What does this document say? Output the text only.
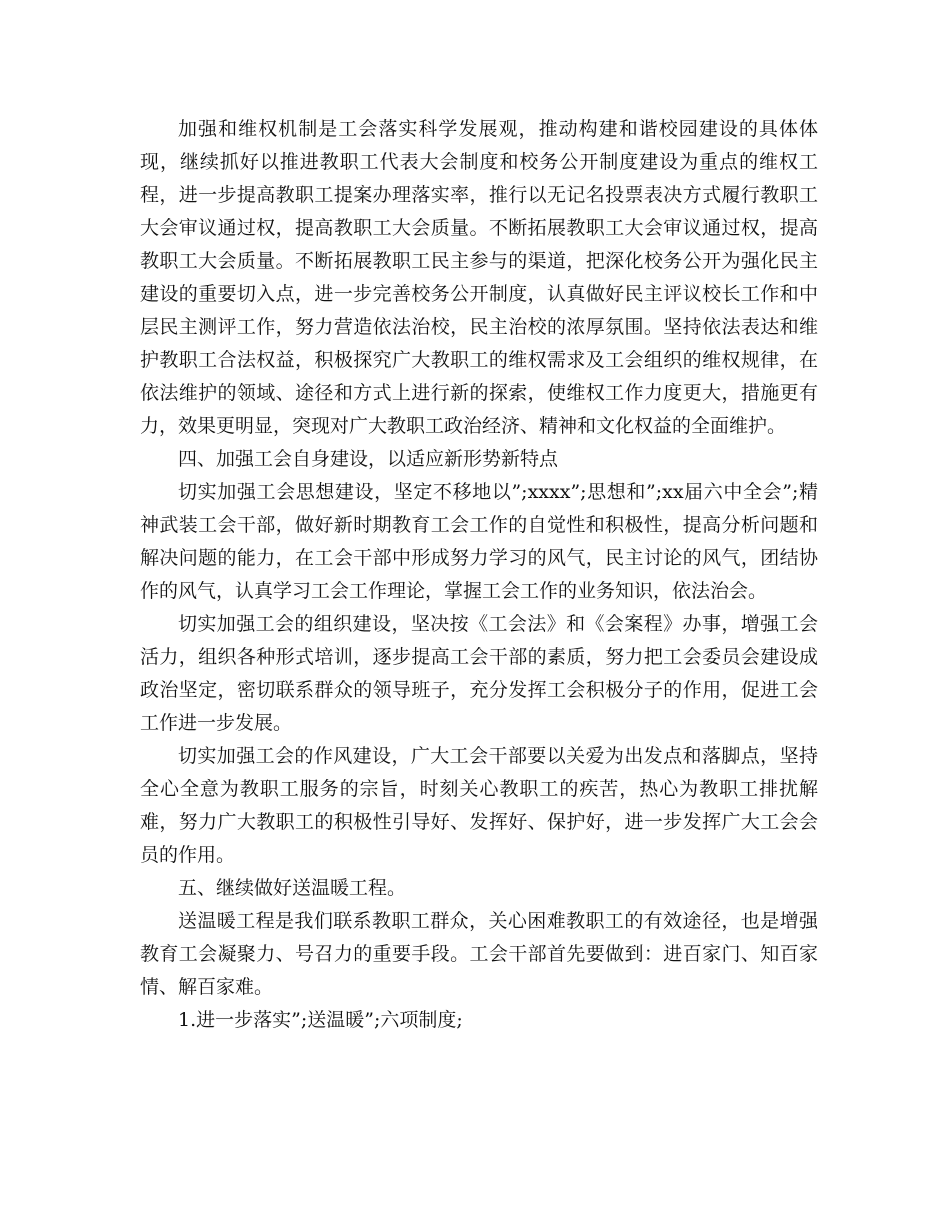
加强和维权机制是工会落实科学发展观，推动构建和谐校园建设的具体体现，继续抓好以推进教职工代表大会制度和校务公开制度建设为重点的维权工程，进一步提高教职工提案办理落实率，推行以无记名投票表决方式履行教职工大会审议通过权，提高教职工大会质量。不断拓展教职工大会审议通过权，提高教职工大会质量。不断拓展教职工民主参与的渠道，把深化校务公开为强化民主建设的重要切入点，进一步完善校务公开制度，认真做好民主评议校长工作和中层民主测评工作，努力营造依法治校，民主治校的浓厚氛围。坚持依法表达和维护教职工合法权益，积极探究广大教职工的维权需求及工会组织的维权规律，在依法维护的领域、途径和方式上进行新的探索，使维权工作力度更大，措施更有力，效果更明显，突现对广大教职工政治经济、精神和文化权益的全面维护。

四、加强工会自身建设，以适应新形势新特点

切实加强工会思想建设，坚定不移地以”;xxxx”;思想和”;xx届六中全会”;精神武装工会干部，做好新时期教育工会工作的自觉性和积极性，提高分析问题和解决问题的能力，在工会干部中形成努力学习的风气，民主讨论的风气，团结协作的风气，认真学习工会工作理论，掌握工会工作的业务知识，依法治会。

切实加强工会的组织建设，坚决按《工会法》和《会案程》办事，增强工会活力，组织各种形式培训，逐步提高工会干部的素质，努力把工会委员会建设成政治坚定，密切联系群众的领导班子，充分发挥工会积极分子的作用，促进工会工作进一步发展。

切实加强工会的作风建设，广大工会干部要以关爱为出发点和落脚点，坚持全心全意为教职工服务的宗旨，时刻关心教职工的疾苦，热心为教职工排扰解难，努力广大教职工的积极性引导好、发挥好、保护好，进一步发挥广大工会会员的作用。

五、继续做好送温暖工程。

送温暖工程是我们联系教职工群众，关心困难教职工的有效途径，也是增强教育工会凝聚力、号召力的重要手段。工会干部首先要做到：进百家门、知百家情、解百家难。

1.进一步落实”;送温暖”;六项制度;
